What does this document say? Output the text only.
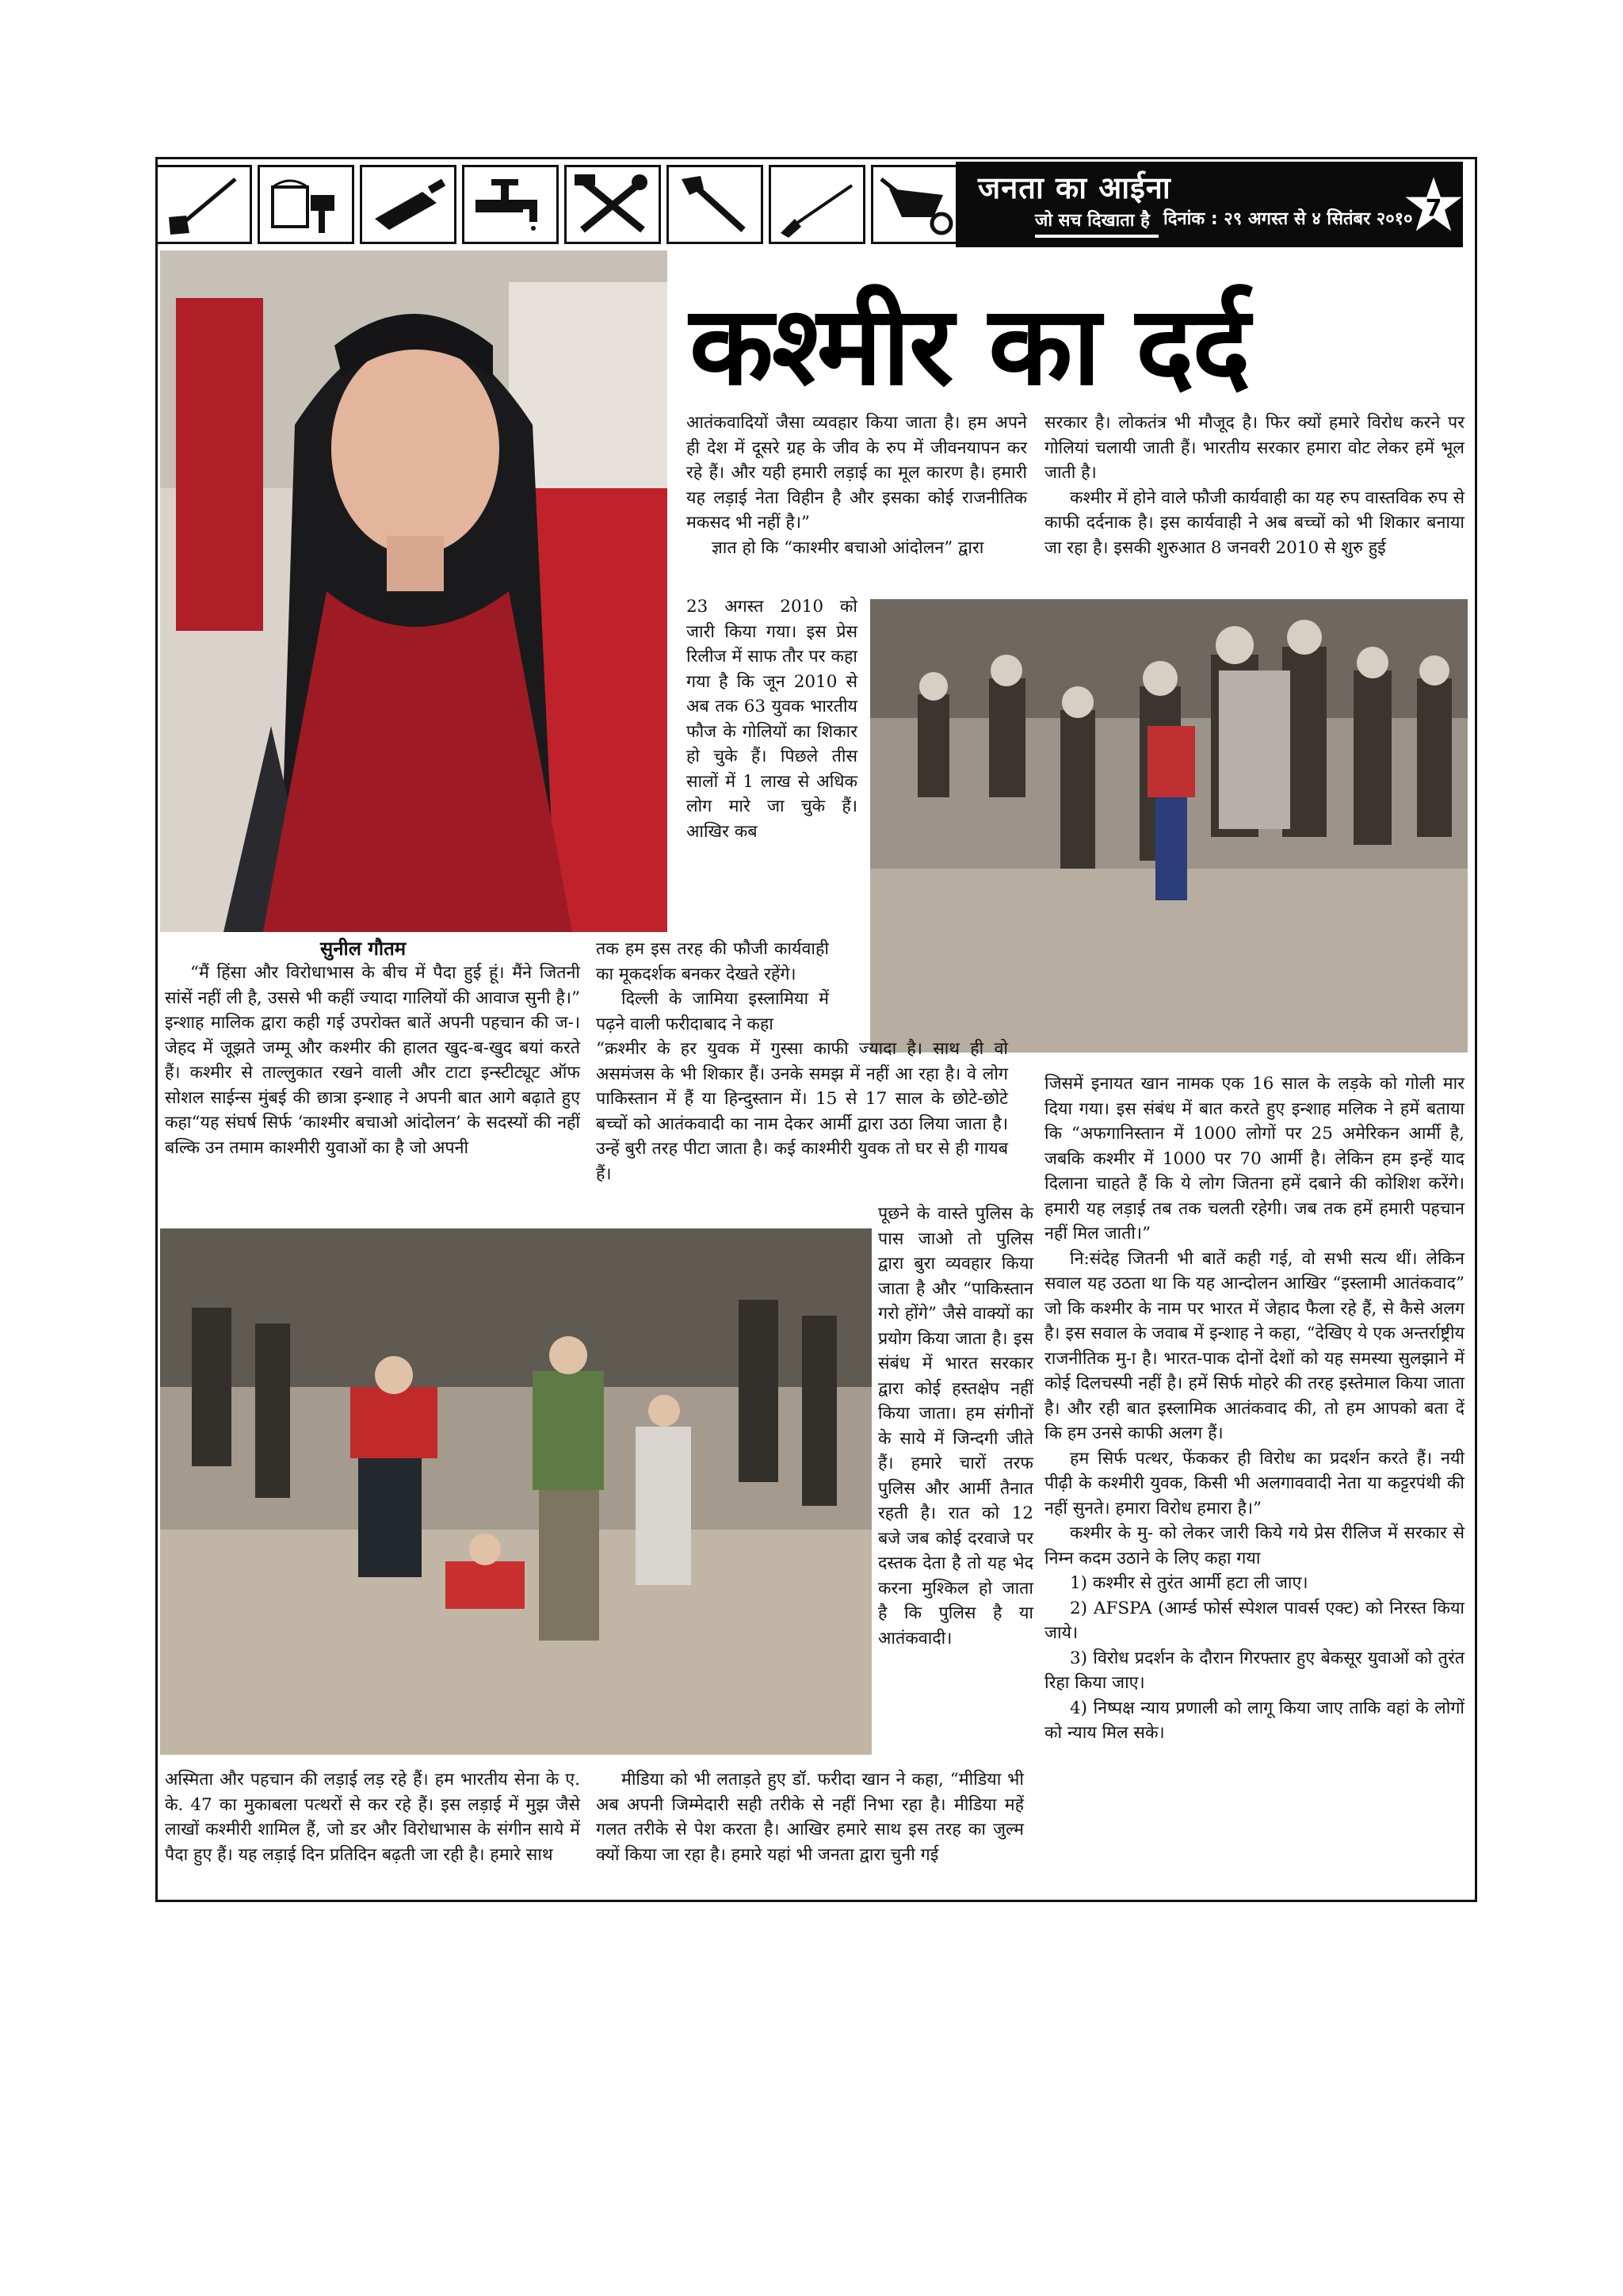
जनता का आईना
जो सच दिखाता है दिनांक : २९ अगस्त से ४ सितंबर २०१० 7
कश्मीर का दर्द
सुनील गौतम

“मैं हिंसा और विरोधाभास के बीच में पैदा हुई हूं। मैंने जितनी सांसें नहीं ली है, उससे भी कहीं ज्यादा गालियों की आवाज सुनी है।” इन्शाह मालिक द्वारा कही गई उपरोक्त बातें अपनी पहचान की ज-। जेहद में जूझते जम्मू और कश्मीर की हालत खुद-ब-खुद बयां करते हैं। कश्मीर से ताल्लुकात रखने वाली और टाटा इन्स्टीट्यूट ऑफ सोशल साईन्स मुंबई की छात्रा इन्शाह ने अपनी बात आगे बढ़ाते हुए कहा“यह संघर्ष सिर्फ ‘काश्मीर बचाओ आंदोलन’ के सदस्यों की नहीं बल्कि उन तमाम काश्मीरी युवाओं का है जो अपनी

अस्मिता और पहचान की लड़ाई लड़ रहे हैं। हम भारतीय सेना के ए. के. 47 का मुकाबला पत्थरों से कर रहे हैं। इस लड़ाई में मुझ जैसे लाखों कश्मीरी शामिल हैं, जो डर और विरोधाभास के संगीन साये में पैदा हुए हैं। यह लड़ाई दिन प्रतिदिन बढ़ती जा रही है। हमारे साथ

आतंकवादियों जैसा व्यवहार किया जाता है। हम अपने ही देश में दूसरे ग्रह के जीव के रुप में जीवनयापन कर रहे हैं। और यही हमारी लड़ाई का मूल कारण है। हमारी यह लड़ाई नेता विहीन है और इसका कोई राजनीतिक मकसद भी नहीं है।”

ज्ञात हो कि “काश्मीर बचाओ आंदोलन” द्वारा

23 अगस्त 2010 को जारी किया गया। इस प्रेस रिलीज में साफ तौर पर कहा गया है कि जून 2010 से अब तक 63 युवक भारतीय फौज के गोलियों का शिकार हो चुके हैं। पिछले तीस सालों में 1 लाख से अधिक लोग मारे जा चुके हैं। आखिर कब

तक हम इस तरह की फौजी कार्यवाही का मूकदर्शक बनकर देखते रहेंगे।

दिल्ली के जामिया इस्लामिया में पढ़ने वाली फरीदाबाद ने कहा

“क्रश्मीर के हर युवक में गुस्सा काफी ज्यादा है। साथ ही वो असमंजस के भी शिकार हैं। उनके समझ में नहीं आ रहा है। वे लोग पाकिस्तान में हैं या हिन्दुस्तान में। 15 से 17 साल के छोटे-छोटे बच्चों को आतंकवादी का नाम देकर आर्मी द्वारा उठा लिया जाता है। उन्हें बुरी तरह पीटा जाता है। कई काश्मीरी युवक तो घर से ही गायब हैं।

पूछने के वास्ते पुलिस के पास जाओ तो पुलिस द्वारा बुरा व्यवहार किया जाता है और “पाकिस्तान गरो होंगे” जैसे वाक्यों का प्रयोग किया जाता है। इस संबंध में भारत सरकार द्वारा कोई हस्तक्षेप नहीं किया जाता। हम संगीनों के साये में जिन्दगी जीते हैं। हमारे चारों तरफ पुलिस और आर्मी तैनात रहती है। रात को 12 बजे जब कोई दरवाजे पर दस्तक देता है तो यह भेद करना मुश्किल हो जाता है कि पुलिस है या आतंकवादी।

मीडिया को भी लताड़ते हुए डॉ. फरीदा खान ने कहा, “मीडिया भी अब अपनी जिम्मेदारी सही तरीके से नहीं निभा रहा है। मीडिया महें गलत तरीके से पेश करता है। आखिर हमारे साथ इस तरह का जुल्म क्यों किया जा रहा है। हमारे यहां भी जनता द्वारा चुनी गई

सरकार है। लोकतंत्र भी मौजूद है। फिर क्यों हमारे विरोध करने पर गोलियां चलायी जाती हैं। भारतीय सरकार हमारा वोट लेकर हमें भूल जाती है।

कश्मीर में होने वाले फौजी कार्यवाही का यह रुप वास्तविक रुप से काफी दर्दनाक है। इस कार्यवाही ने अब बच्चों को भी शिकार बनाया जा रहा है। इसकी शुरुआत 8 जनवरी 2010 से शुरु हुई

जिसमें इनायत खान नामक एक 16 साल के लड़के को गोली मार दिया गया। इस संबंध में बात करते हुए इन्शाह मलिक ने हमें बताया कि “अफगानिस्तान में 1000 लोगों पर 25 अमेरिकन आर्मी है, जबकि कश्मीर में 1000 पर 70 आर्मी है। लेकिन हम इन्हें याद दिलाना चाहते हैं कि ये लोग जितना हमें दबाने की कोशिश करेंगे। हमारी यह लड़ाई तब तक चलती रहेगी। जब तक हमें हमारी पहचान नहीं मिल जाती।”

नि:संदेह जितनी भी बातें कही गई, वो सभी सत्य थीं। लेकिन सवाल यह उठता था कि यह आन्दोलन आखिर “इस्लामी आतंकवाद” जो कि कश्मीर के नाम पर भारत में जेहाद फैला रहे हैं, से कैसे अलग है। इस सवाल के जवाब में इन्शाह ने कहा, “देखिए ये एक अन्तर्राष्ट्रीय राजनीतिक मु-ा है। भारत-पाक दोनों देशों को यह समस्या सुलझाने में कोई दिलचस्पी नहीं है। हमें सिर्फ मोहरे की तरह इस्तेमाल किया जाता है। और रही बात इस्लामिक आतंकवाद की, तो हम आपको बता दें कि हम उनसे काफी अलग हैं।

हम सिर्फ पत्थर, फेंककर ही विरोध का प्रदर्शन करते हैं। नयी पीढ़ी के कश्मीरी युवक, किसी भी अलगाववादी नेता या कट्टरपंथी की नहीं सुनते। हमारा विरोध हमारा है।”

कश्मीर के मु- को लेकर जारी किये गये प्रेस रीलिज में सरकार से निम्न कदम उठाने के लिए कहा गया

1) कश्मीर से तुरंत आर्मी हटा ली जाए।

2) AFSPA (आर्म्ड फोर्स स्पेशल पावर्स एक्ट) को निरस्त किया जाये।

3) विरोध प्रदर्शन के दौरान गिरफ्तार हुए बेकसूर युवाओं को तुरंत रिहा किया जाए।

4) निष्पक्ष न्याय प्रणाली को लागू किया जाए ताकि वहां के लोगों को न्याय मिल सके।
